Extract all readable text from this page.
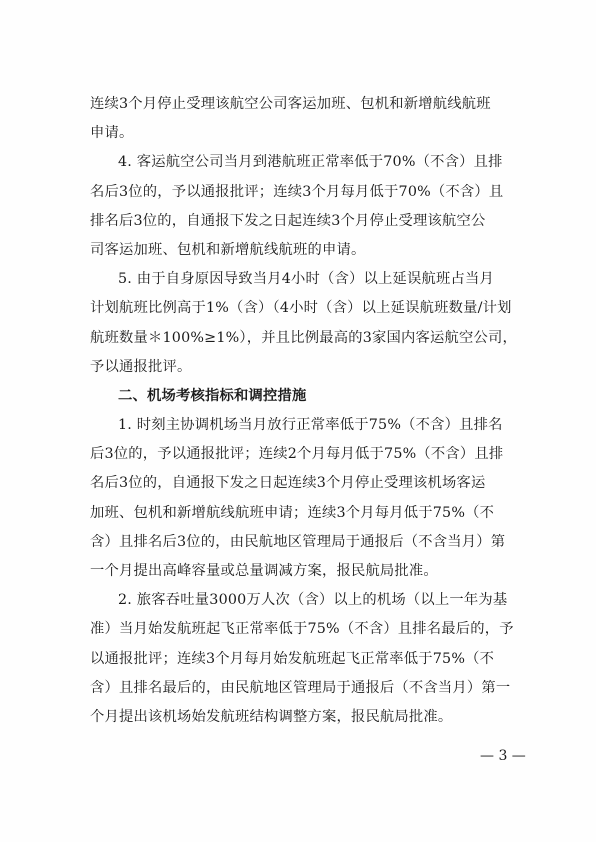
连续3个月停止受理该航空公司客运加班、包机和新增航线航班
申请。
4. 客运航空公司当月到港航班正常率低于70%（不含）且排
名后3位的，予以通报批评；连续3个月每月低于70%（不含）且
排名后3位的，自通报下发之日起连续3个月停止受理该航空公
司客运加班、包机和新增航线航班的申请。
5. 由于自身原因导致当月4小时（含）以上延误航班占当月
计划航班比例高于1%（含）（4小时（含）以上延误航班数量/计划
航班数量＊100%≥1%），并且比例最高的3家国内客运航空公司，
予以通报批评。
二、机场考核指标和调控措施
1. 时刻主协调机场当月放行正常率低于75%（不含）且排名
后3位的，予以通报批评；连续2个月每月低于75%（不含）且排
名后3位的，自通报下发之日起连续3个月停止受理该机场客运
加班、包机和新增航线航班申请；连续3个月每月低于75%（不
含）且排名后3位的，由民航地区管理局于通报后（不含当月）第
一个月提出高峰容量或总量调减方案，报民航局批准。
2. 旅客吞吐量3000万人次（含）以上的机场（以上一年为基
准）当月始发航班起飞正常率低于75%（不含）且排名最后的，予
以通报批评；连续3个月每月始发航班起飞正常率低于75%（不
含）且排名最后的，由民航地区管理局于通报后（不含当月）第一
个月提出该机场始发航班结构调整方案，报民航局批准。
— 3 —
